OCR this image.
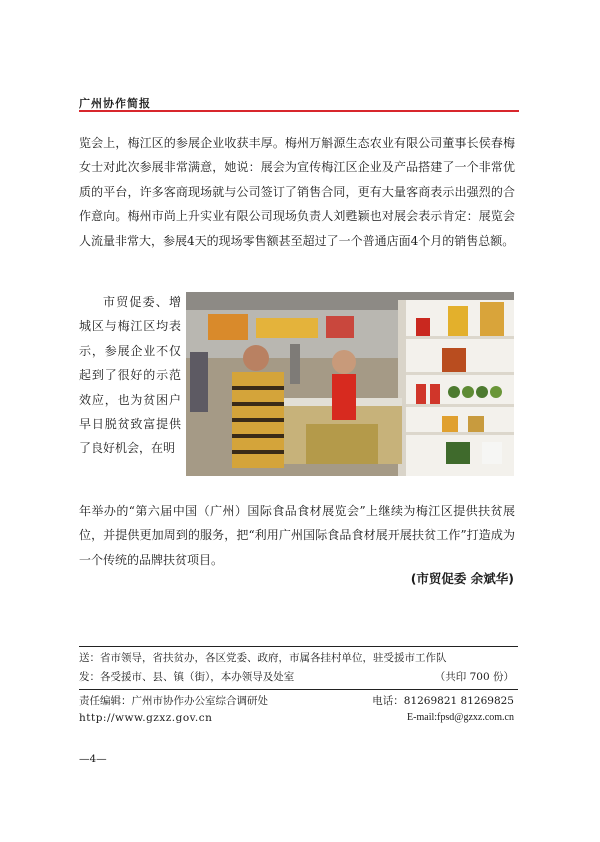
广州协作简报

览会上，梅江区的参展企业收获丰厚。梅州万斛源生态农业有限公司董事长侯春梅女士对此次参展非常满意，她说：展会为宣传梅江区企业及产品搭建了一个非常优质的平台，许多客商现场就与公司签订了销售合同，更有大量客商表示出强烈的合作意向。梅州市尚上升实业有限公司现场负责人刘甦颖也对展会表示肯定：展览会人流量非常大，参展4天的现场零售额甚至超过了一个普通店面4个月的销售总额。

市贸促委、增城区与梅江区均表示，参展企业不仅起到了很好的示范效应，也为贫困户早日脱贫致富提供了良好机会，在明

年举办的“第六届中国（广州）国际食品食材展览会”上继续为梅江区提供扶贫展位，并提供更加周到的服务，把“利用广州国际食品食材展开展扶贫工作”打造成为一个传统的品牌扶贫项目。

(市贸促委 余斌华)
送：省市领导，省扶贫办，各区党委、政府，市属各挂村单位，驻受援市工作队
发：各受援市、县、镇（街），本办领导及处室	（共印 700 份）
责任编辑：广州市协作办公室综合调研处	电话：81269821 81269825
http://www.gzxz.gov.cn	E-mail:fpsd@gzxz.com.cn
—4—
